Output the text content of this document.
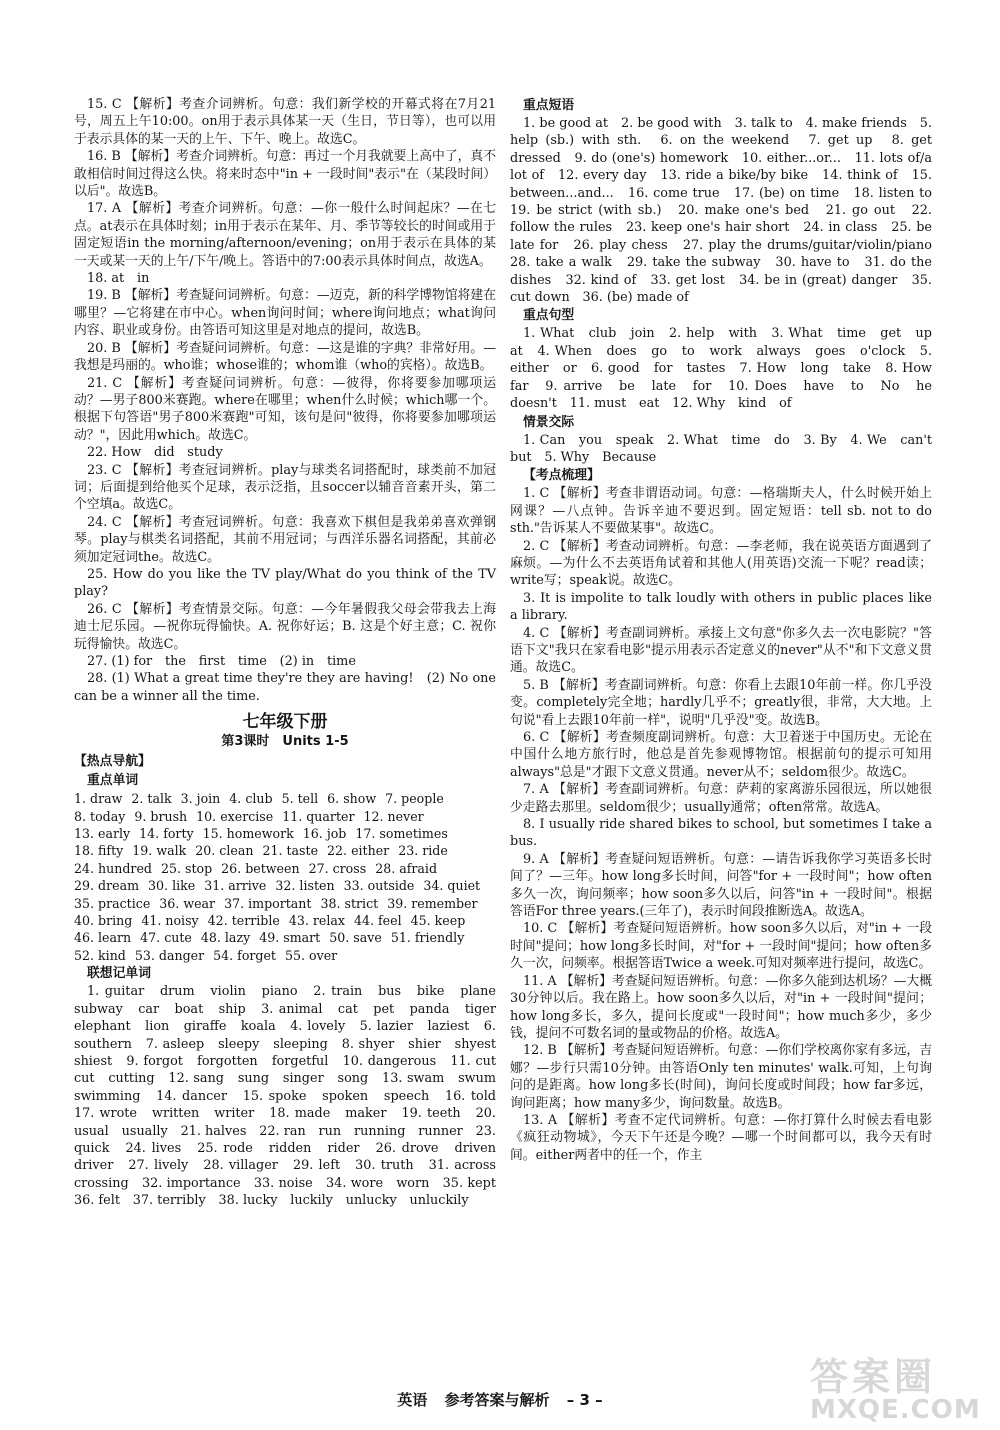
15. C 【解析】考查介词辨析。句意：我们新学校的开幕式将在7月21号，周五上午10:00。on用于表示具体某一天（生日，节日等），也可以用于表示具体的某一天的上午、下午、晚上。故选C。

16. B 【解析】考查介词辨析。句意：再过一个月我就要上高中了，真不敢相信时间过得这么快。将来时态中"in + 一段时间"表示"在（某段时间）以后"。故选B。

17. A 【解析】考查介词辨析。句意：—你一般什么时间起床？—在七点。at表示在具体时刻；in用于表示在某年、月、季节等较长的时间或用于固定短语in the morning/afternoon/evening；on用于表示在具体的某一天或某一天的上午/下午/晚上。答语中的7:00表示具体时间点，故选A。

18. at　in

19. B 【解析】考查疑问词辨析。句意：—迈克，新的科学博物馆将建在哪里？—它将建在市中心。when询问时间；where询问地点；what询问内容、职业或身份。由答语可知这里是对地点的提问，故选B。

20. B 【解析】考查疑问词辨析。句意：—这是谁的字典？非常好用。—我想是玛丽的。who谁；whose谁的；whom谁（who的宾格）。故选B。

21. C 【解析】考查疑问词辨析。句意：—彼得，你将要参加哪项运动？—男子800米赛跑。where在哪里；when什么时候；which哪一个。根据下句答语"男子800米赛跑"可知，该句是问"彼得，你将要参加哪项运动？"，因此用which。故选C。

22. How　did　study

23. C 【解析】考查冠词辨析。play与球类名词搭配时，球类前不加冠词；后面提到给他买个足球，表示泛指，且soccer以辅音音素开头，第二个空填a。故选C。

24. C 【解析】考查冠词辨析。句意：我喜欢下棋但是我弟弟喜欢弹钢琴。play与棋类名词搭配，其前不用冠词；与西洋乐器名词搭配，其前必须加定冠词the。故选C。

25. How do you like the TV play/What do you think of the TV play?

26. C 【解析】考查情景交际。句意：—今年暑假我父母会带我去上海迪士尼乐园。—祝你玩得愉快。A. 祝你好运；B. 这是个好主意；C. 祝你玩得愉快。故选C。

27. (1) for　the　first　time　(2) in　time

28. (1) What a great time they're they are having!　(2) No one can be a winner all the time.

七年级下册

第3课时　Units 1-5

【热点导航】

重点单词

1. draw 2. talk 3. join 4. club 5. tell 6. show 7. people8. today 9. brush 10. exercise 11. quarter 12. never13. early 14. forty 15. homework 16. job 17. sometimes18. fifty 19. walk 20. clean 21. taste 22. either 23. ride24. hundred 25. stop 26. between 27. cross 28. afraid29. dream 30. like 31. arrive 32. listen 33. outside 34. quiet35. practice 36. wear 37. important 38. strict 39. remember40. bring 41. noisy 42. terrible 43. relax 44. feel 45. keep46. learn 47. cute 48. lazy 49. smart 50. save 51. friendly52. kind 53. danger 54. forget 55. over

联想记单词

1. guitar　drum　violin　piano　2. train　bus　bike　plane　subway　car　boat　ship　3. animal　cat　pet　panda　tiger　elephant　lion　giraffe　koala　4. lovely　5. lazier　laziest　6. southern　7. asleep　sleepy　sleeping　8. shyer　shier　shyest　shiest　9. forgot　forgotten　forgetful　10. dangerous　11. cut　cut　cutting　12. sang　sung　singer　song　13. swam　swum　swimming　14. dancer　15. spoke　spoken　speech　16. told　17. wrote　written　writer　18. made　maker　19. teeth　20. usual　usually　21. halves　22. ran　run　running　runner　23. quick　24. lives　25. rode　ridden　rider　26. drove　driven　driver　27. lively　28. villager　29. left　30. truth　31. across　crossing　32. importance　33. noise　34. wore　worn　35. kept　36. felt　37. terribly　38. lucky　luckily　unlucky　unluckily

重点短语

1. be good at　2. be good with　3. talk to　4. make friends　5. help (sb.) with sth.　6. on the weekend　7. get up　8. get dressed　9. do (one's) homework　10. either...or...　11. lots of/a lot of　12. every day　13. ride a bike/by bike　14. think of　15. between...and...　16. come true　17. (be) on time　18. listen to　19. be strict (with sb.)　20. make one's bed　21. go out　22. follow the rules　23. keep one's hair short　24. in class　25. be late for　26. play chess　27. play the drums/guitar/violin/piano　28. take a walk　29. take the subway　30. have to　31. do the dishes　32. kind of　33. get lost　34. be in (great) danger　35. cut down　36. (be) made of

重点句型

1. What　club　join　2. help　with　3. What　time　get　up　at　4. When　does　go　to　work　always　goes　o'clock　5. either　or　6. good　for　tastes　7. How　long　take　8. How　far　9. arrive　be　late　for　10. Does　have　to　No　he　doesn't　11. must　eat　12. Why　kind　of

情景交际

1. Can　you　speak　2. What　time　do　3. By　4. We　can't　but　5. Why　Because

【考点梳理】

1. C 【解析】考查非谓语动词。句意：—格瑞斯夫人，什么时候开始上网课？—八点钟。告诉辛迪不要迟到。固定短语：tell sb. not to do sth."告诉某人不要做某事"。故选C。

2. C 【解析】考查动词辨析。句意：—李老师，我在说英语方面遇到了麻烦。—为什么不去英语角试着和其他人(用英语)交流一下呢？read读；write写；speak说。故选C。

3. It is impolite to talk loudly with others in public places like a library.

4. C 【解析】考查副词辨析。承接上文句意"你多久去一次电影院？"答语下文"我只在家看电影"提示用表示否定意义的never"从不"和下文意义贯通。故选C。

5. B 【解析】考查副词辨析。句意：你看上去跟10年前一样。你几乎没变。completely完全地；hardly几乎不；greatly很，非常，大大地。上句说"看上去跟10年前一样"，说明"几乎没"变。故选B。

6. C 【解析】考查频度副词辨析。句意：大卫着迷于中国历史。无论在中国什么地方旅行时，他总是首先参观博物馆。根据前句的提示可知用always"总是"才跟下文意义贯通。never从不；seldom很少。故选C。

7. A 【解析】考查副词辨析。句意：萨莉的家离游乐园很远，所以她很少走路去那里。seldom很少；usually通常；often常常。故选A。

8. I usually ride shared bikes to school, but sometimes I take a bus.

9. A 【解析】考查疑问短语辨析。句意：—请告诉我你学习英语多长时间了？—三年。how long多长时间，问答"for + 一段时间"；how often多久一次，询问频率；how soon多久以后，问答"in + 一段时间"。根据答语For three years.(三年了)，表示时间段推断选A。故选A。

10. C 【解析】考查疑问短语辨析。how soon多久以后，对"in + 一段时间"提问；how long多长时间，对"for + 一段时间"提问；how often多久一次，问频率。根据答语Twice a week.可知对频率进行提问，故选C。

11. A 【解析】考查疑问短语辨析。句意：—你多久能到达机场？—大概30分钟以后。我在路上。how soon多久以后，对"in + 一段时间"提问；how long多长，多久，提问长度或"一段时间"；how much多少，多少钱，提问不可数名词的量或物品的价格。故选A。

12. B 【解析】考查疑问短语辨析。句意：—你们学校离你家有多远，吉娜？—步行只需10分钟。由答语Only ten minutes' walk.可知，上句询问的是距离。how long多长(时间)，询问长度或时间段；how far多远，询问距离；how many多少，询问数量。故选B。

13. A 【解析】考查不定代词辨析。句意：—你打算什么时候去看电影《疯狂动物城》，今天下午还是今晚？—哪一个时间都可以，我今天有时间。either两者中的任一个，作主

英语 参考答案与解析 – 3 –
答案圈
MXQE.COM
